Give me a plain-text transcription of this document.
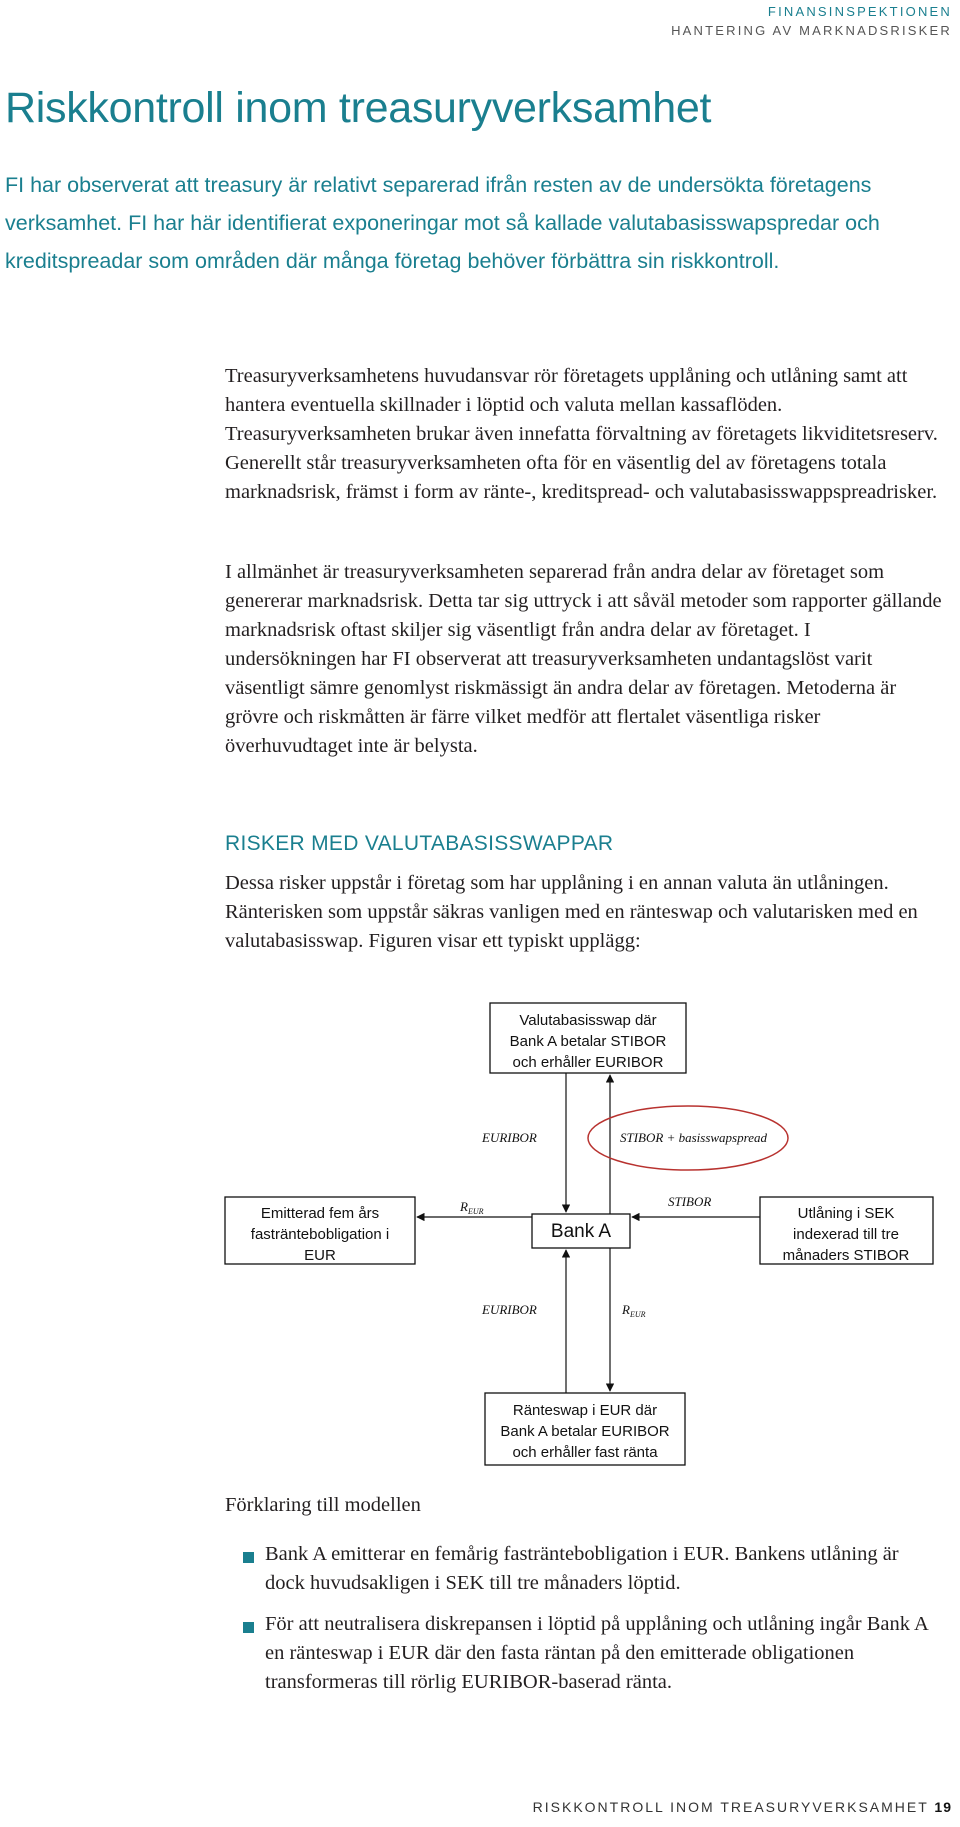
FINANSINSPEKTIONEN
HANTERING AV MARKNADSRISKER
Riskkontroll inom treasuryverksamhet

FI har observerat att treasury är relativt separerad ifrån resten av de undersökta företagens verksamhet. FI har här identifierat exponeringar mot så kallade valutabasisswapspredar och kreditspreadar som områden där många företag behöver förbättra sin riskkontroll.

Treasuryverksamhetens huvudansvar rör företagets upplåning och utlåning samt att hantera eventuella skillnader i löptid och valuta mellan kassaflöden. Treasuryverksamheten brukar även innefatta förvaltning av företagets likviditetsreserv. Generellt står treasuryverksamheten ofta för en väsentlig del av företagens totala marknadsrisk, främst i form av ränte-, kreditspread- och valutabasisswappspreadrisker.

I allmänhet är treasuryverksamheten separerad från andra delar av företaget som genererar marknadsrisk. Detta tar sig uttryck i att såväl metoder som rapporter gällande marknadsrisk oftast skiljer sig väsentligt från andra delar av företaget. I undersökningen har FI observerat att treasuryverksamheten undantagslöst varit väsentligt sämre genomlyst riskmässigt än andra delar av företagen. Metoderna är grövre och riskmåtten är färre vilket medför att flertalet väsentliga risker överhuvudtaget inte är belysta.

RISKER MED VALUTABASISSWAPPAR

Dessa risker uppstår i företag som har upplåning i en annan valuta än utlåningen. Ränterisken som uppstår säkras vanligen med en ränteswap och valutarisken med en valutabasisswap. Figuren visar ett typiskt upplägg:

Valutabasisswap där
Bank A betalar STIBOR
och erhåller EURIBOR
Emitterad fem års
fasträntebobligation i
EUR
Bank A
Utlåning i SEK
indexerad till tre
månaders STIBOR
Ränteswap i EUR där
Bank A betalar EURIBOR
och erhåller fast ränta
EURIBOR	STIBOR + basisswapspread
$R_{EUR}$
STIBOR
EURIBOR	$R_{EUR}$

Förklaring till modellen

Bank A emitterar en femårig fasträntebobligation i EUR. Bankens utlåning är dock huvudsakligen i SEK till tre månaders löptid.
För att neutralisera diskrepansen i löptid på upplåning och utlåning ingår Bank A en ränteswap i EUR där den fasta räntan på den emitterade obligationen transformeras till rörlig EURIBOR-baserad ränta.
RISKKONTROLL INOM TREASURYVERKSAMHET 19
